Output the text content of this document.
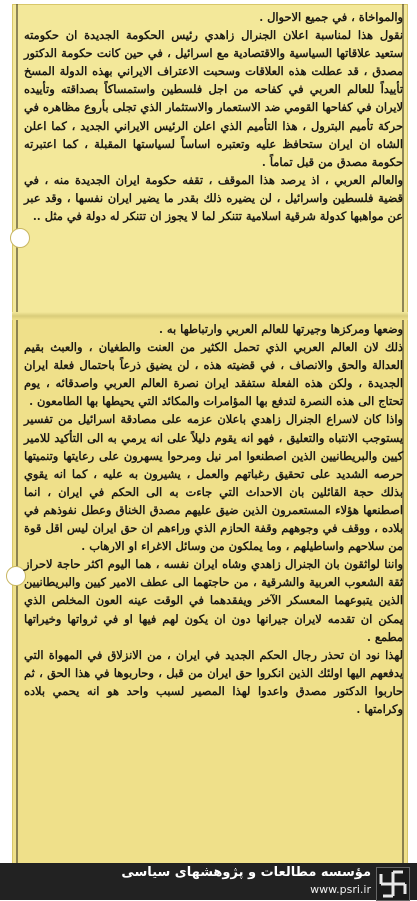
والمواخاة ، في جميع الاحوال .

نقول هذا لمناسبة اعلان الجنرال زاهدي رئيس الحكومة الجديدة ان حكومته ستعيد علاقاتها السياسية والاقتصادية مع اسرائيل ، في حين كانت حكومة الدكتور مصدق ، قد عطلت هذه العلاقات وسحبت الاعتراف الايراني بهذه الدولة المسخ تأييداً للعالم العربي في كفاحه من اجل فلسطين واستمساكاً بصداقته وتأييده لايران في كفاحها القومي ضد الاستعمار والاستثمار الذي تجلى بأروع مظاهره في حركة تأميم البترول ، هذا التأميم الذي اعلن الرئيس الايراني الجديد ، كما اعلن الشاه ان ايران ستحافظ عليه وتعتبره اساساً لسياستها المقبلة ، كما اعتبرته حكومة مصدق من قبل تماماً .

والعالم العربي ، اذ يرصد هذا الموقف ، تقفه حكومة ايران الجديدة منه ، في قضية فلسطين واسرائيل ، لن يضيره ذلك بقدر ما يضير ايران نفسها ، وقد عبر عن مواهبها كدولة شرقية اسلامية تتنكر لما لا يجوز ان تتنكر له دولة في مثل ..

وضعها ومركزها وجيرتها للعالم العربي وارتباطها به .

ذلك لان العالم العربي الذي تحمل الكثير من العنت والطغيان ، والعبث بقيم العدالة والحق والانصاف ، في قضيته هذه ، لن يضيق ذرعاً باحتمال فعلة ايران الجديدة ، ولكن هذه الفعلة ستفقد ايران نصرة العالم العربي واصدقائه ، يوم تحتاج الى هذه النصرة لتدفع بها المؤامرات والمكائد التي يحيطها بها الطامعون .

واذا كان لاسراع الجنرال زاهدي باعلان عزمه على مصادقة اسرائيل من تفسير يستوجب الانتباه والتعليق ، فهو انه يقوم دليلاً على انه يرمي به الى التأكيد للامير كيين والبريطانيين الذين اصطنعوا امر نيل ومرحوا يسهرون على رعايتها وتنميتها حرصه الشديد على تحقيق رغباتهم والعمل ، يشيرون به عليه ، كما انه يقوي بذلك حجة القائلين بان الاحداث التي جاءت به الى الحكم في ايران ، انما اصطنعها هؤلاء المستعمرون الذين ضيق عليهم مصدق الخناق وعطل نفوذهم في بلاده ، ووقف في وجوههم وقفة الحازم الذي وراءهم ان حق ايران ليس اقل قوة من سلاحهم واساطيلهم ، وما يملكون من وسائل الاغراء او الارهاب .

واننا لواثقون بان الجنرال زاهدي وشاه ايران نفسه ، هما اليوم اكثر حاجة لاحراز ثقة الشعوب العربية والشرقية ، من حاجتهما الى عطف الامير كيين والبريطانيين الذين يتبوعهما المعسكر الآخر ويفقدهما في الوقت عينه العون المخلص الذي يمكن ان تقدمه لايران جيرانها دون ان يكون لهم فيها او في ثرواتها وخيراتها مطمع .

لهذا نود ان تحذر رجال الحكم الجديد في ايران ، من الانزلاق في المهواة التي يدفعهم اليها اولئك الذين انكروا حق ايران من قبل ، وحاربوها في هذا الحق ، ثم حاربوا الدكتور مصدق واعدوا لهذا المصير لسبب واحد هو انه يحمي بلاده وكرامتها .

مؤسسه مطالعات و پژوهشهای سیاسی
www.psri.ir
